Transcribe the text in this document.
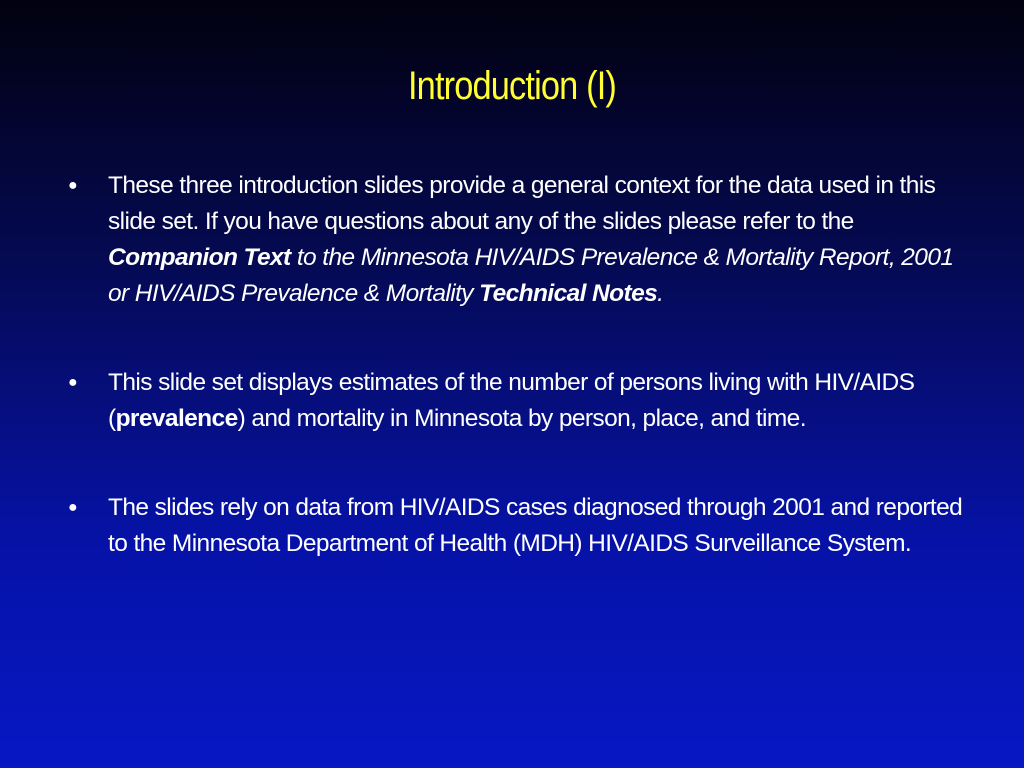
Introduction (I)
●	These three introduction slides provide a general context for the data used in this slide set. If you have questions about any of the slides please refer to the Companion Text to the Minnesota HIV/AIDS Prevalence & Mortality Report, 2001 or HIV/AIDS Prevalence & Mortality Technical Notes.
●	This slide set displays estimates of the number of persons living with HIV/AIDS (prevalence) and mortality in Minnesota by person, place, and time.
●	The slides rely on data from HIV/AIDS cases diagnosed through 2001 and reported to the Minnesota Department of Health (MDH) HIV/AIDS Surveillance System.
